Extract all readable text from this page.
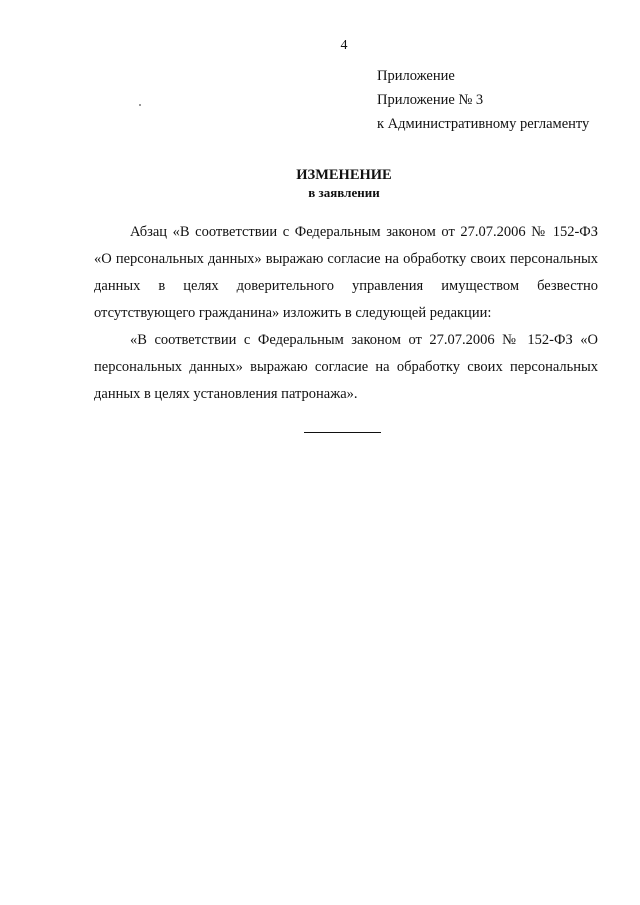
4
Приложение
Приложение № 3
к Административному регламенту
ИЗМЕНЕНИЕ
в заявлении

Абзац «В соответствии с Федеральным законом от 27.07.2006 № 152-ФЗ «О персональных данных» выражаю согласие на обработку своих персональных данных в целях доверительного управления имуществом безвестно отсутствующего гражданина» изложить в следующей редакции:

«В соответствии с Федеральным законом от 27.07.2006 № 152-ФЗ «О персональных данных» выражаю согласие на обработку своих персональных данных в целях установления патронажа».
